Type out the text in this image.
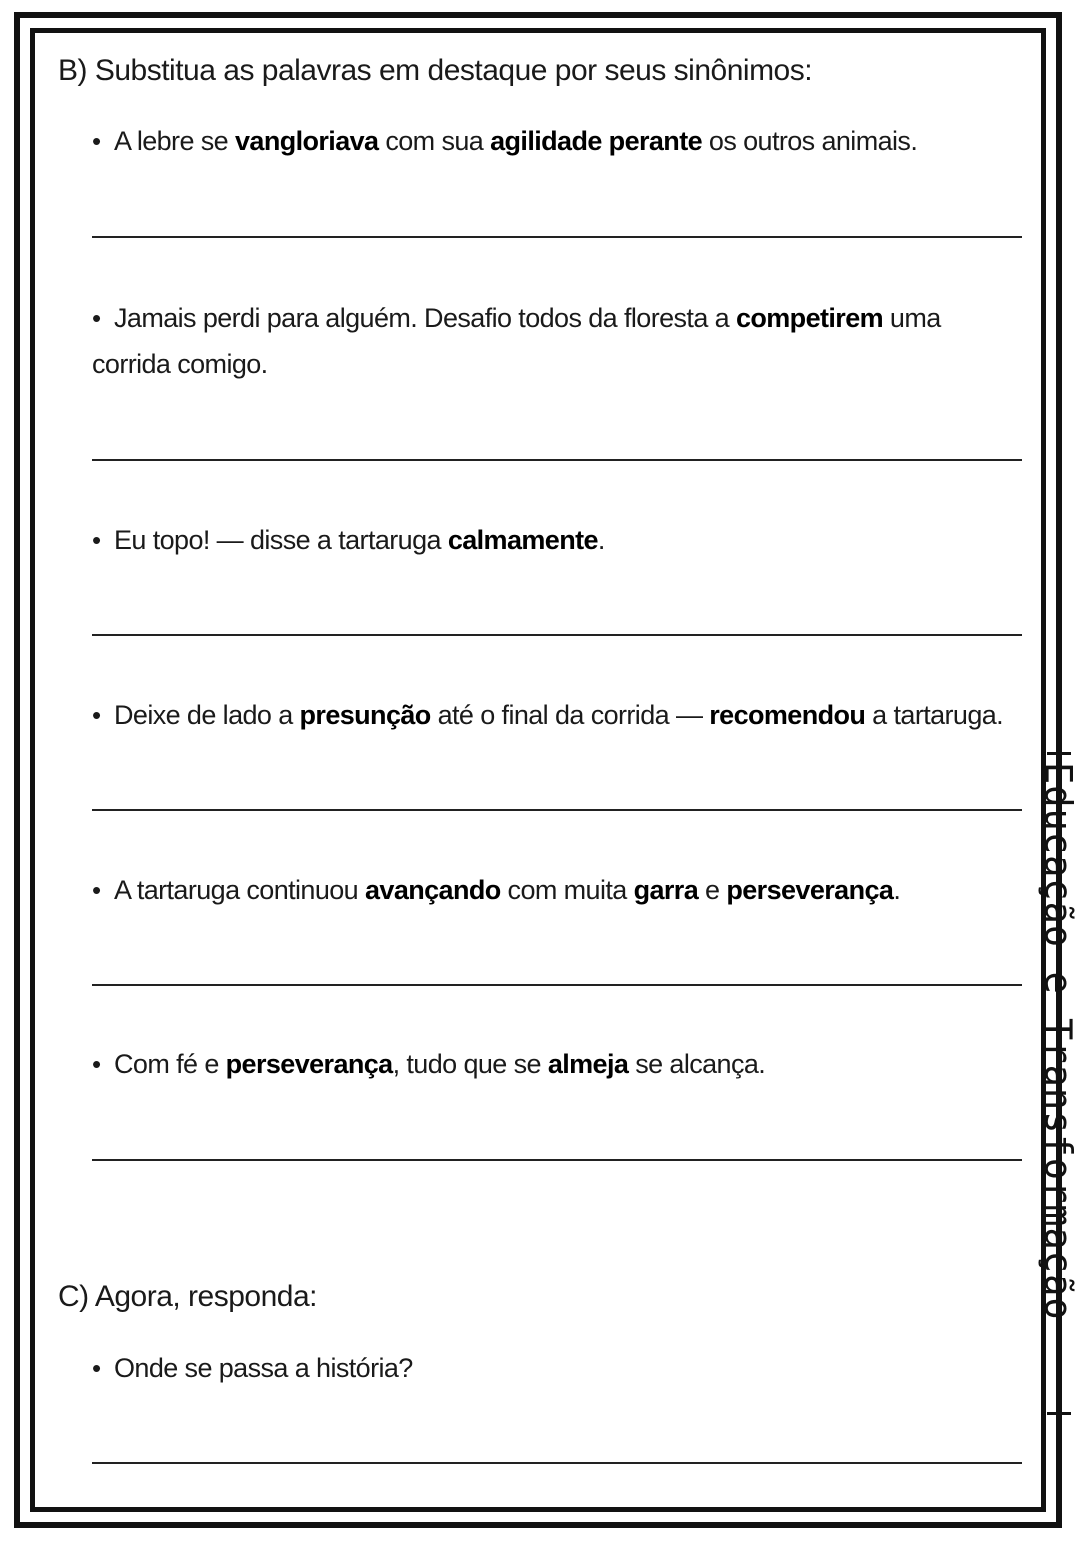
B) Substitua as palavras em destaque por seus sinônimos:

• A lebre se vangloriava com sua agilidade perante os outros animais.

• Jamais perdi para alguém. Desafio todos da floresta a competirem uma corrida comigo.

• Eu topo! — disse a tartaruga calmamente.

• Deixe de lado a presunção até o final da corrida — recomendou a tartaruga.

• A tartaruga continuou avançando com muita garra e perseverança.

• Com fé e perseverança, tudo que se almeja se alcança.

C) Agora, responda:

• Onde se passa a história?

Educação e Transformação
